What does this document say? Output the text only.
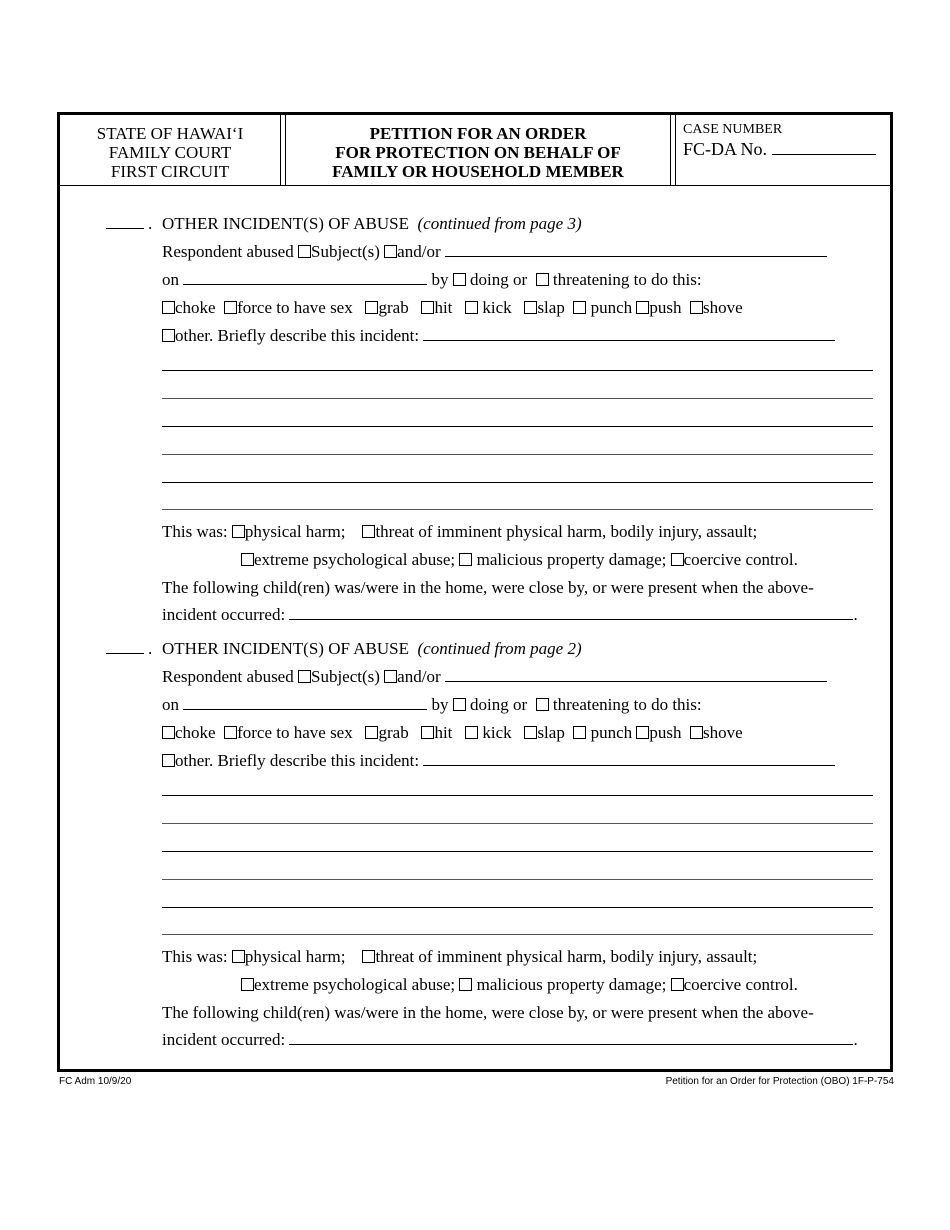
STATE OF HAWAI‘I
FAMILY COURT
FIRST CIRCUIT
PETITION FOR AN ORDER
FOR PROTECTION ON BEHALF OF
FAMILY OR HOUSEHOLD MEMBER
CASE NUMBER
FC-DA No.
. OTHER INCIDENT(S) OF ABUSE (continued from page 3)
Respondent abused Subject(s) and/or
on	by doing or threatening to do this:
choke force to have sex grab hit kick slap punch push shove
other. Briefly describe this incident:
This was: physical harm; threat of imminent physical harm, bodily injury, assault;
extreme psychological abuse; malicious property damage; coercive control.
The following child(ren) was/were in the home, were close by, or were present when the above-
incident occurred:	.
. OTHER INCIDENT(S) OF ABUSE (continued from page 2)
Respondent abused Subject(s) and/or
on	by doing or threatening to do this:
choke force to have sex grab hit kick slap punch push shove
other. Briefly describe this incident:
This was: physical harm; threat of imminent physical harm, bodily injury, assault;
extreme psychological abuse; malicious property damage; coercive control.
The following child(ren) was/were in the home, were close by, or were present when the above-
incident occurred:	.
FC Adm 10/9/20	Petition for an Order for Protection (OBO) 1F-P-754
